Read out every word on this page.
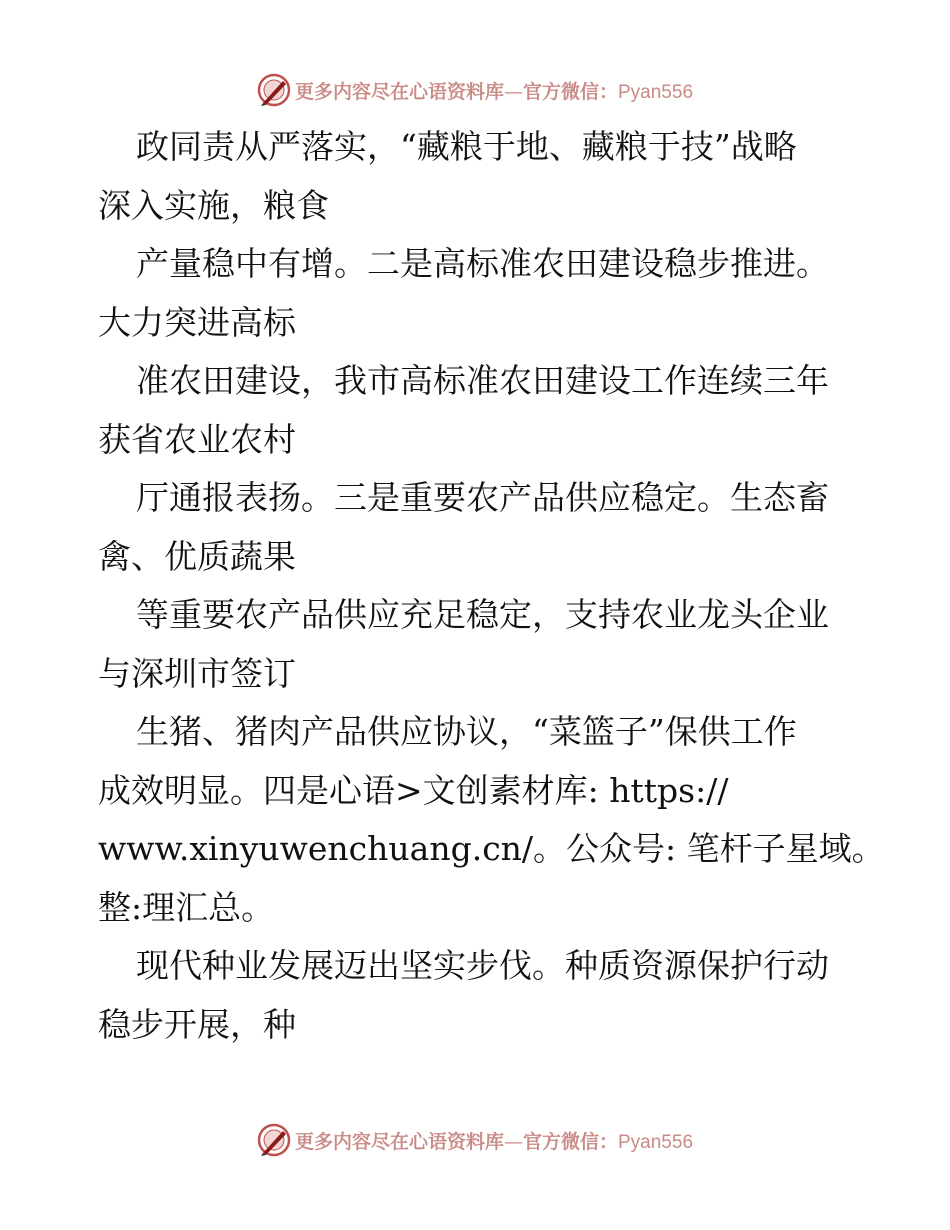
更多内容尽在心语资料库—官方微信：Pyan556
政同责从严落实，“藏粮于地、藏粮于技”战略
深入实施，粮食
产量稳中有增。二是高标准农田建设稳步推进。
大力突进高标
准农田建设，我市高标准农田建设工作连续三年
获省农业农村
厅通报表扬。三是重要农产品供应稳定。生态畜
禽、优质蔬果
等重要农产品供应充足稳定，支持农业龙头企业
与深圳市签订
生猪、猪肉产品供应协议，“菜篮子”保供工作
成效明显。四是心语>文创素材库: https://
www.xinyuwenchuang.cn/。公众号: 笔杆子星域。
整:理汇总。
现代种业发展迈出坚实步伐。种质资源保护行动
稳步开展，种
更多内容尽在心语资料库—官方微信：Pyan556
